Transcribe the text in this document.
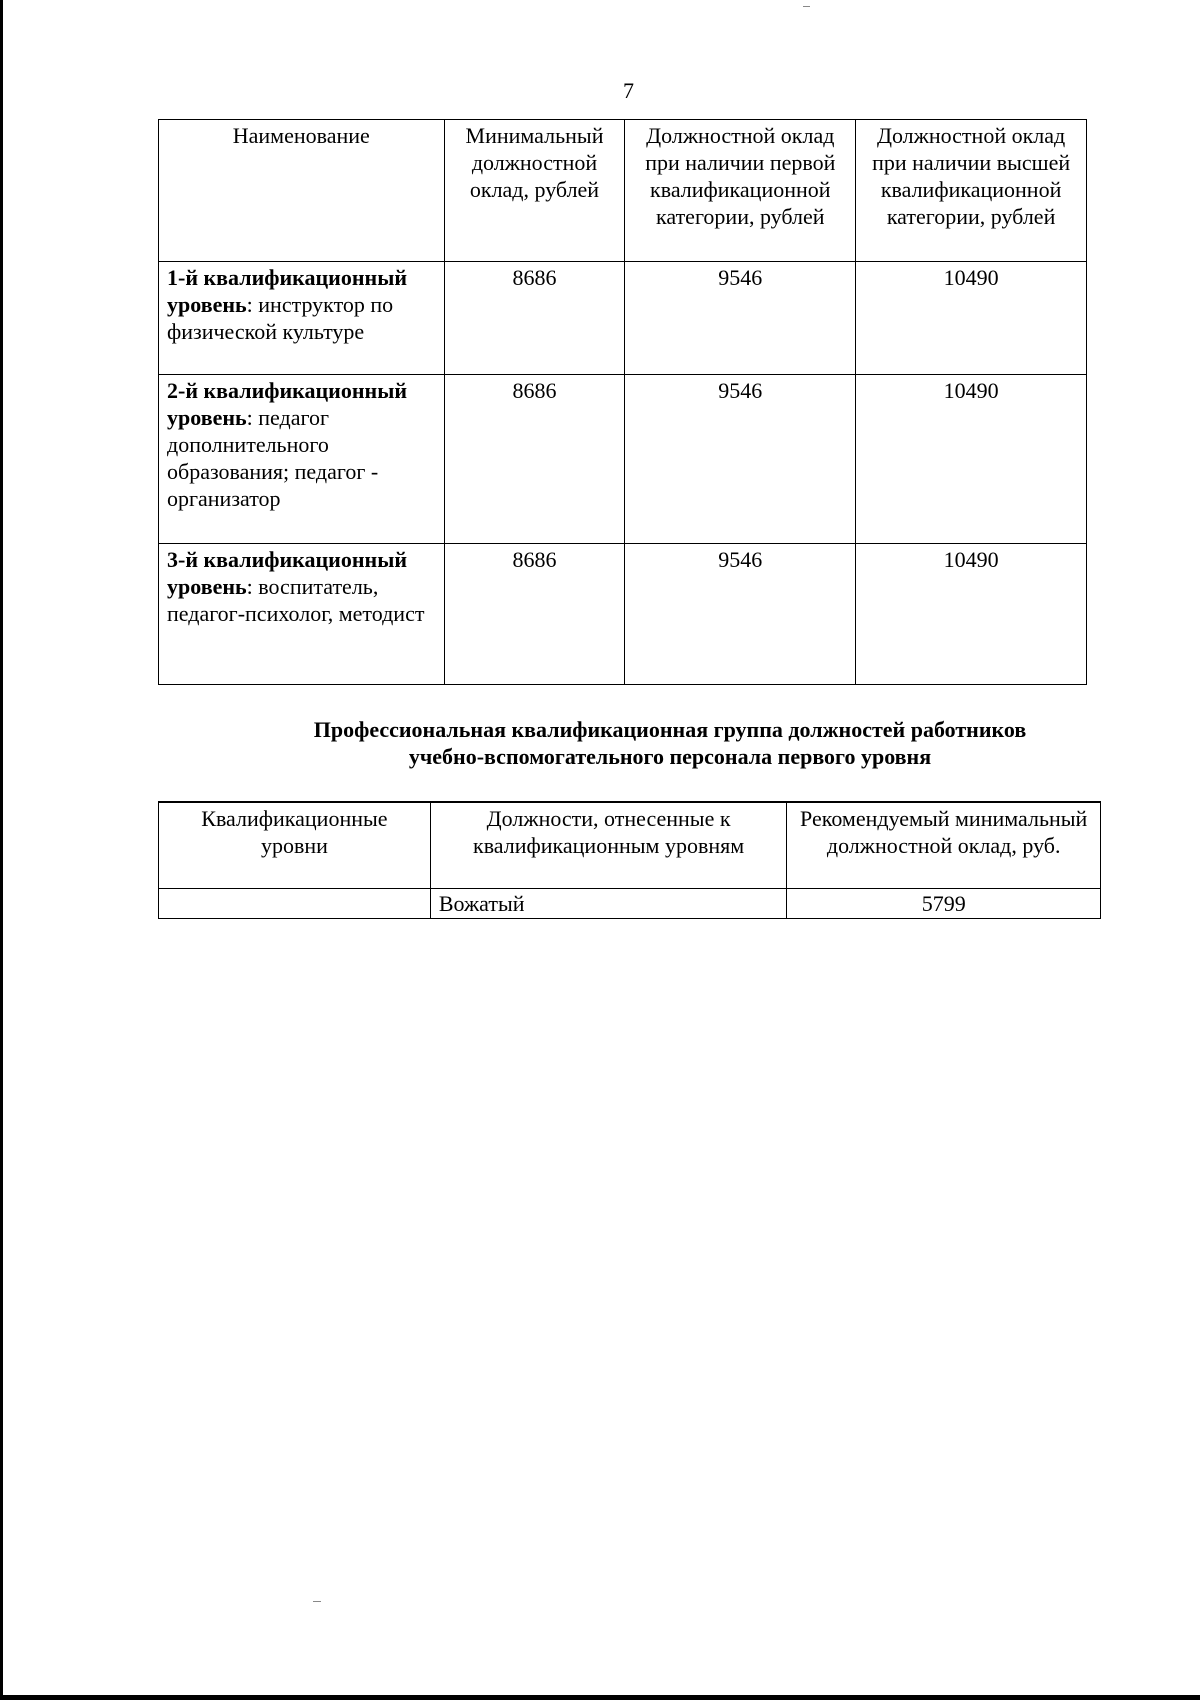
7
Наименование	Минимальный должностной оклад, рублей	Должностной оклад при наличии первой квалификационной категории, рублей	Должностной оклад при наличии высшей квалификационной категории, рублей
1-й квалификационный уровень: инструктор по физической культуре	8686	9546	10490
2-й квалификационный уровень: педагог дополнительного образования; педагог - организатор	8686	9546	10490
3-й квалификационный уровень: воспитатель, педагог-психолог, методист	8686	9546	10490
Профессиональная квалификационная группа должностей работников
учебно-вспомогательного персонала первого уровня
Квалификационные уровни	Должности, отнесенные к квалификационным уровням	Рекомендуемый минимальный должностной оклад, руб.
	Вожатый	5799
